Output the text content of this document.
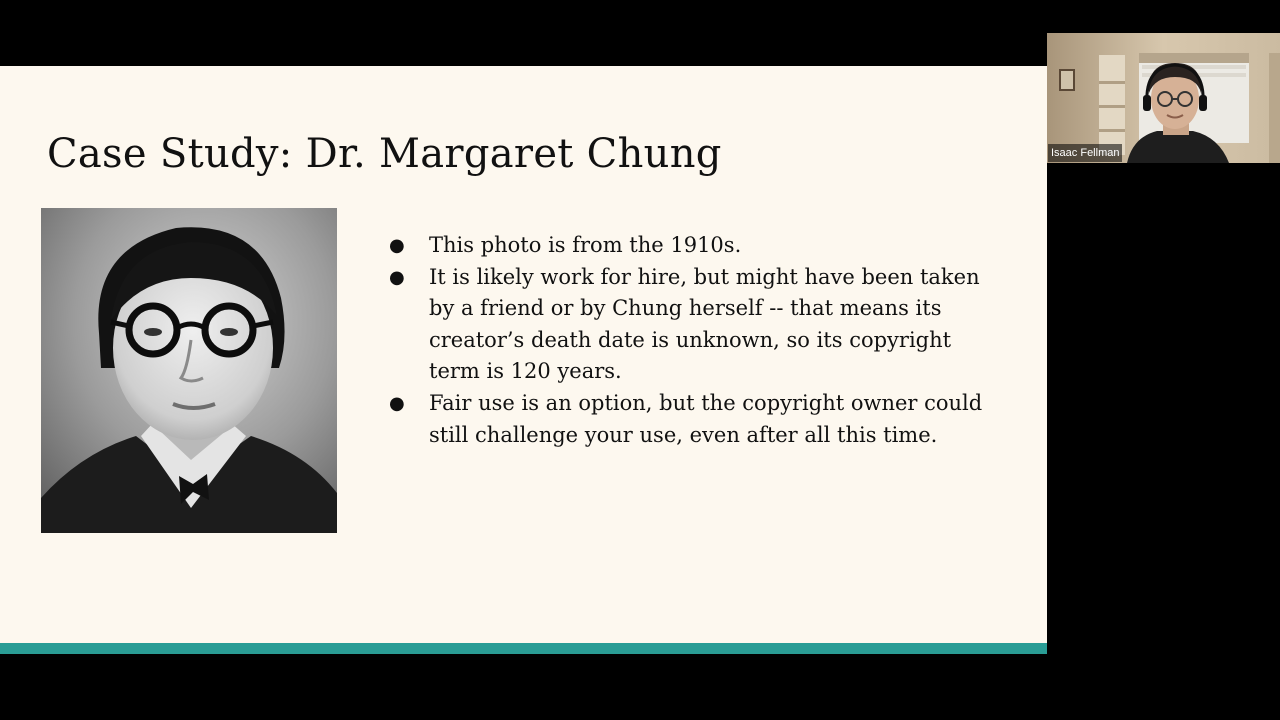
Case Study: Dr. Margaret Chung
● This photo is from the 1910s.
● It is likely work for hire, but might have been taken by a friend or by Chung herself -- that means its creator’s death date is unknown, so its copyright term is 120 years.
● Fair use is an option, but the copyright owner could still challenge your use, even after all this time.
Isaac Fellman
